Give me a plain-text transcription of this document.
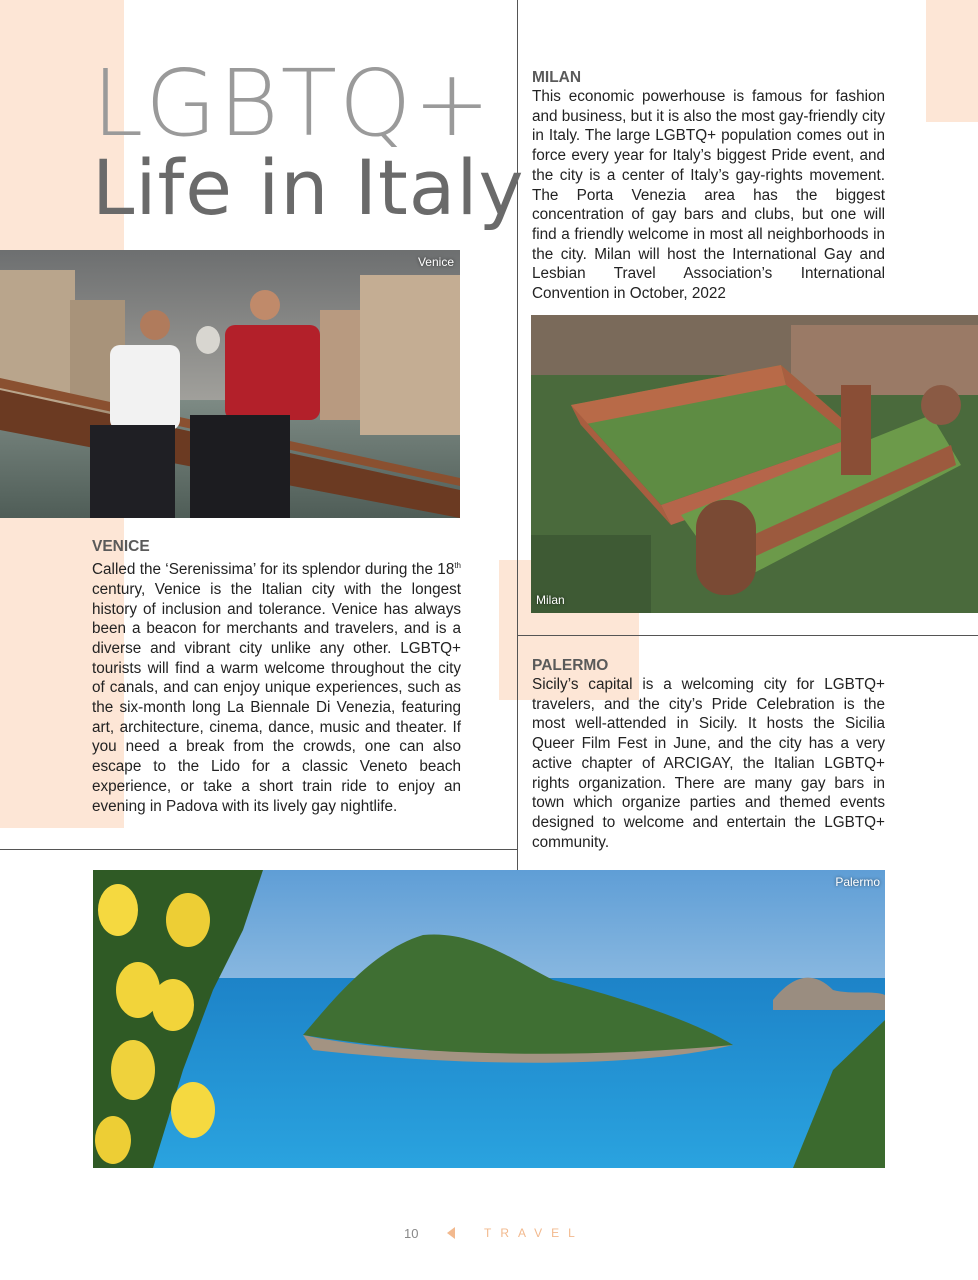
LGBTQ+
Life in Italy
Venice
MILAN

This economic powerhouse is famous for fashion and business, but it is also the most gay-friendly city in Italy. The large LGBTQ+ population comes out in force every year for Italy’s biggest Pride event, and the city is a center of Italy’s gay-rights movement. The Porta Venezia area has the biggest concentration of gay bars and clubs, but one will find a friendly welcome in most all neighborhoods in the city. Milan will host the International Gay and Lesbian Travel Association’s International Convention in October, 2022

Milan
VENICE

Called the ‘Serenissima’ for its splendor during the 18th century, Venice is the Italian city with the longest history of inclusion and tolerance. Venice has always been a beacon for merchants and travelers, and is a diverse and vibrant city unlike any other. LGBTQ+ tourists will find a warm welcome throughout the city of canals, and can enjoy unique experiences, such as the six-month long La Biennale Di Venezia, featuring art, architecture, cinema, dance, music and theater. If you need a break from the crowds, one can also escape to the Lido for a classic Veneto beach experience, or take a short train ride to enjoy an evening in Padova with its lively gay nightlife.

PALERMO

Sicily’s capital is a welcoming city for LGBTQ+ travelers, and the city’s Pride Celebration is the most well-attended in Sicily. It hosts the Sicilia Queer Film Fest in June, and the city has a very active chapter of ARCIGAY, the Italian LGBTQ+ rights organization. There are many gay bars in town which organize parties and themed events designed to welcome and entertain the LGBTQ+ community.

Palermo
10	TRAVEL
